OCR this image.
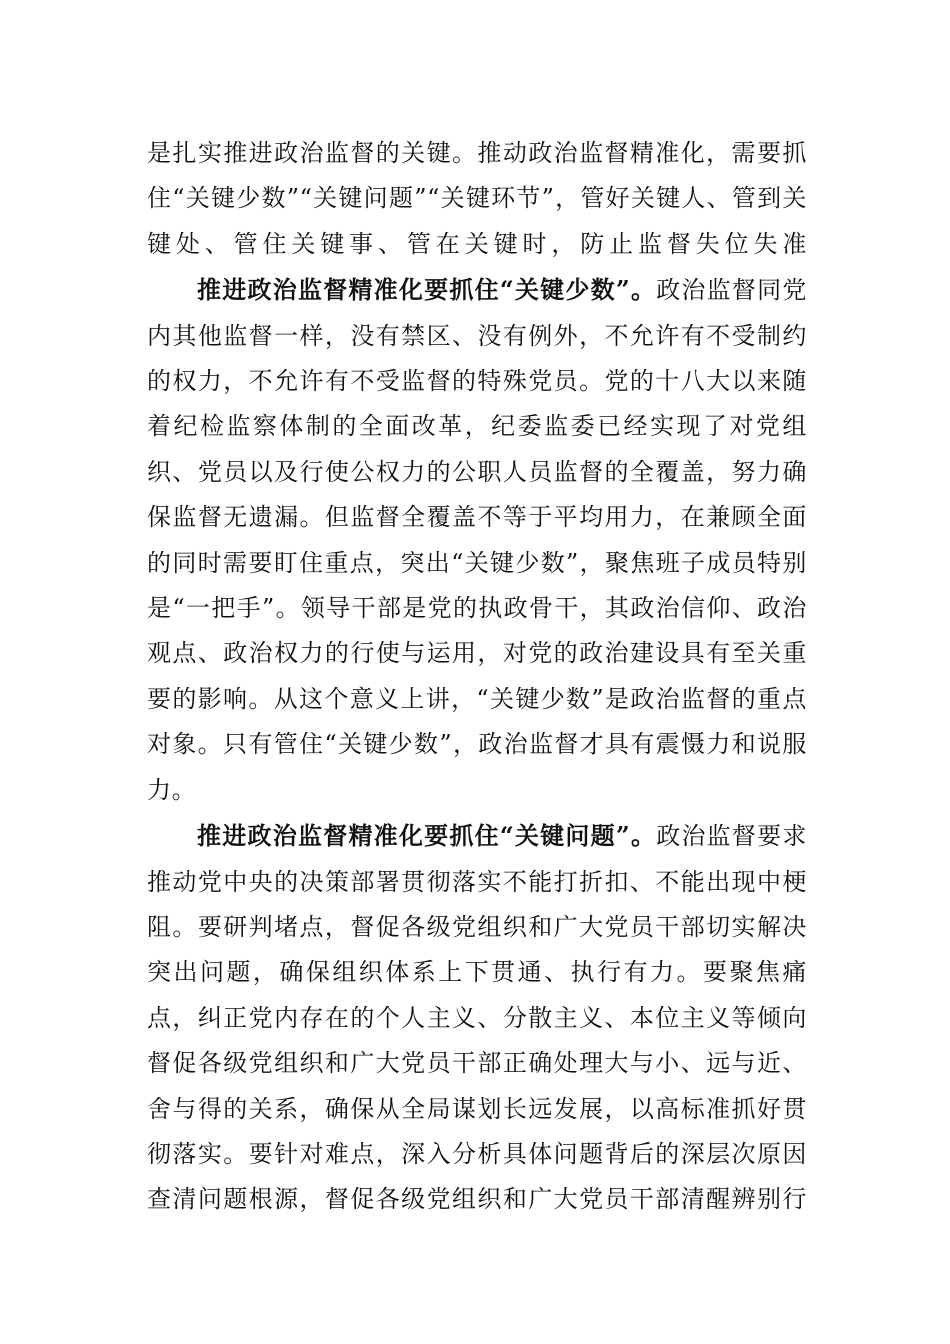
是扎实推进政治监督的关键。推动政治监督精准化，需要抓住“关键少数”“关键问题”“关键环节”，管好关键人、管到关键处、管住关键事、管在关键时，防止监督失位失准

推进政治监督精准化要抓住“关键少数”。政治监督同党内其他监督一样，没有禁区、没有例外，不允许有不受制约的权力，不允许有不受监督的特殊党员。党的十八大以来随着纪检监察体制的全面改革，纪委监委已经实现了对党组织、党员以及行使公权力的公职人员监督的全覆盖，努力确保监督无遗漏。但监督全覆盖不等于平均用力，在兼顾全面的同时需要盯住重点，突出“关键少数”，聚焦班子成员特别是“一把手”。领导干部是党的执政骨干，其政治信仰、政治观点、政治权力的行使与运用，对党的政治建设具有至关重要的影响。从这个意义上讲，“关键少数”是政治监督的重点对象。只有管住“关键少数”，政治监督才具有震慑力和说服力。

推进政治监督精准化要抓住“关键问题”。政治监督要求推动党中央的决策部署贯彻落实不能打折扣、不能出现中梗阻。要研判堵点，督促各级党组织和广大党员干部切实解决突出问题，确保组织体系上下贯通、执行有力。要聚焦痛点，纠正党内存在的个人主义、分散主义、本位主义等倾向督促各级党组织和广大党员干部正确处理大与小、远与近、舍与得的关系，确保从全局谋划长远发展，以高标准抓好贯彻落实。要针对难点，深入分析具体问题背后的深层次原因查清问题根源，督促各级党组织和广大党员干部清醒辨别行
